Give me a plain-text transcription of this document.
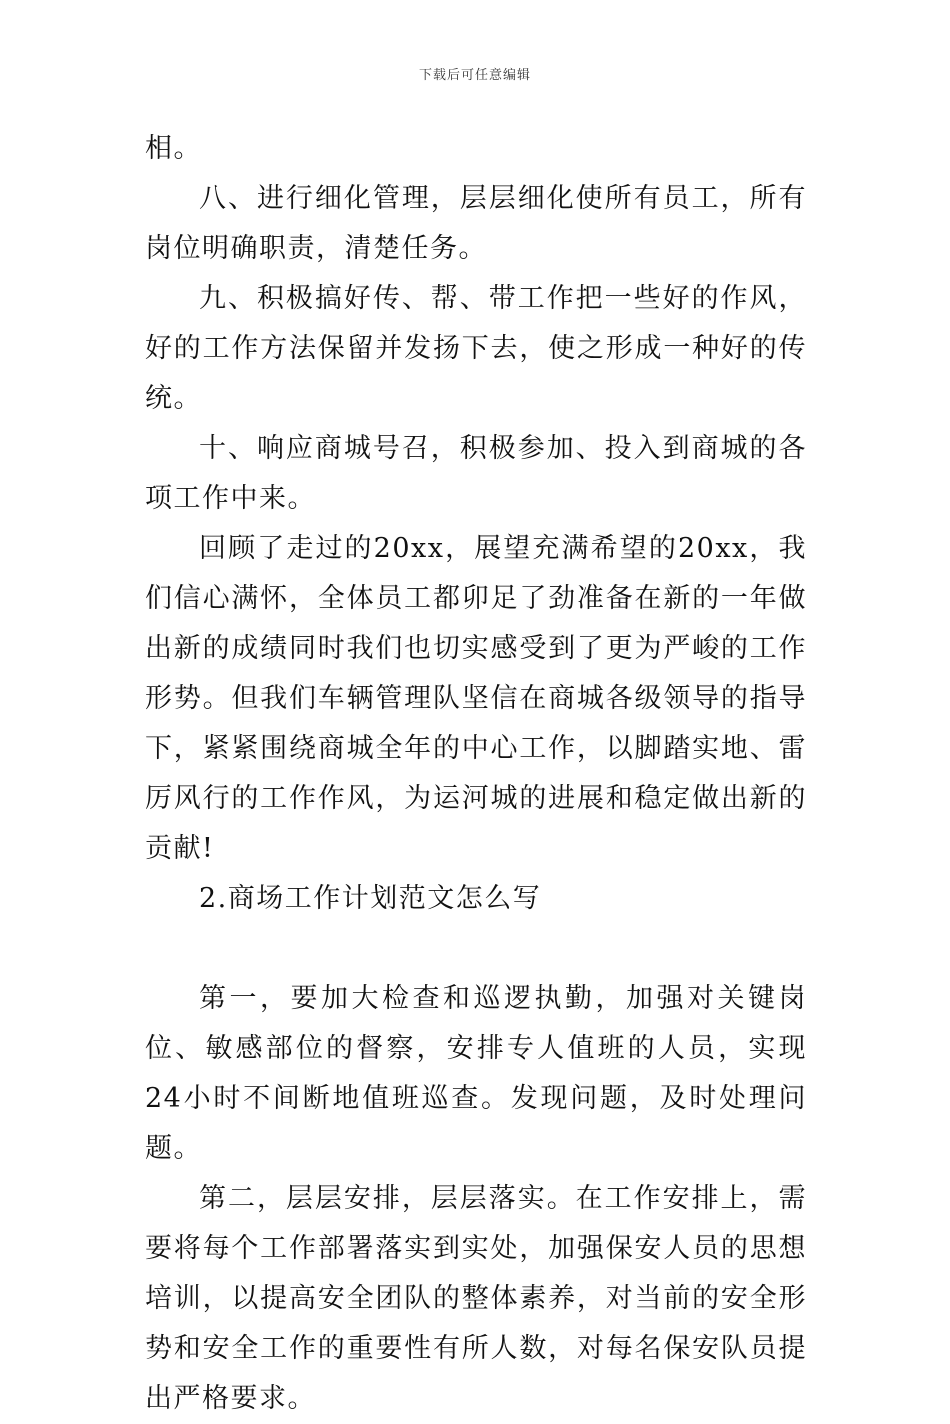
下载后可任意编辑

相。

八、进行细化管理，层层细化使所有员工，所有岗位明确职责，清楚任务。

九、积极搞好传、帮、带工作把一些好的作风，好的工作方法保留并发扬下去，使之形成一种好的传统。

十、响应商城号召，积极参加、投入到商城的各项工作中来。

回顾了走过的20xx，展望充满希望的20xx，我们信心满怀，全体员工都卯足了劲准备在新的一年做出新的成绩同时我们也切实感受到了更为严峻的工作形势。但我们车辆管理队坚信在商城各级领导的指导下，紧紧围绕商城全年的中心工作，以脚踏实地、雷厉风行的工作作风，为运河城的进展和稳定做出新的贡献!

2.商场工作计划范文怎么写

第一，要加大检查和巡逻执勤，加强对关键岗位、敏感部位的督察，安排专人值班的人员，实现24小时不间断地值班巡查。发现问题，及时处理问题。

第二，层层安排，层层落实。在工作安排上，需要将每个工作部署落实到实处，加强保安人员的思想培训，以提高安全团队的整体素养，对当前的安全形势和安全工作的重要性有所人数，对每名保安队员提出严格要求。
